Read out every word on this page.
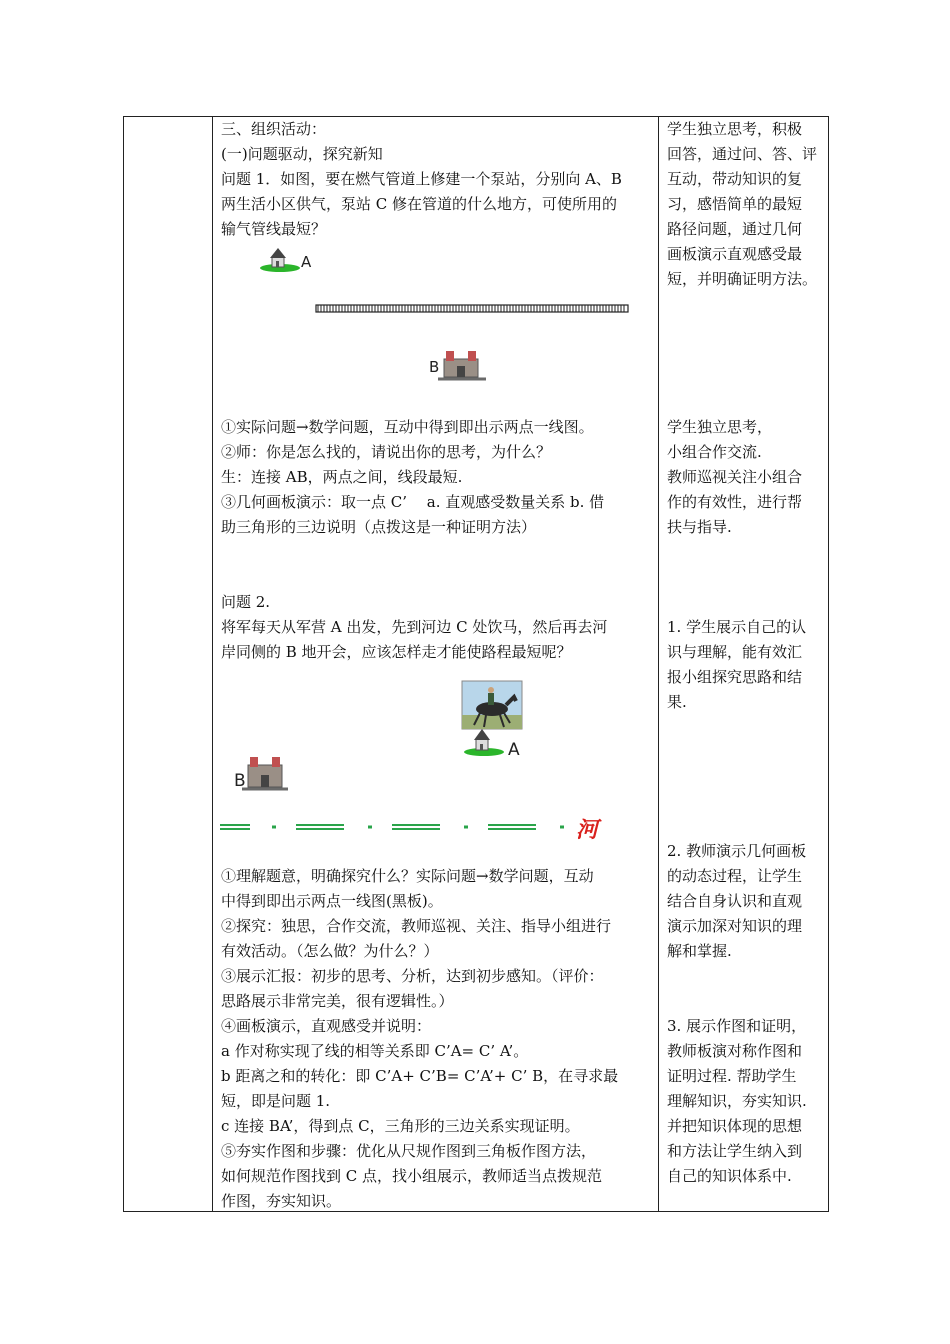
三、组织活动：
(一)问题驱动，探究新知
问题 1．如图，要在燃气管道上修建一个泵站，分别向 A、B
两生活小区供气，泵站 C 修在管道的什么地方，可使所用的
输气管线最短？
A
B
①实际问题→数学问题，互动中得到即出示两点一线图。
②师：你是怎么找的，请说出你的思考，为什么？
生：连接 AB，两点之间，线段最短.
③几何画板演示：取一点 C’　 a. 直观感受数量关系 b. 借
助三角形的三边说明（点拨这是一种证明方法）
问题 2.
将军每天从军营 A 出发，先到河边 C 处饮马，然后再去河
岸同侧的 B 地开会，应该怎样走才能使路程最短呢？
A
B
河
①理解题意，明确探究什么？实际问题→数学问题，互动
中得到即出示两点一线图(黑板)。
②探究：独思，合作交流，教师巡视、关注、指导小组进行
有效活动。（怎么做？为什么？）
③展示汇报：初步的思考、分析，达到初步感知。（评价：
思路展示非常完美，很有逻辑性。）
④画板演示，直观感受并说明：
a 作对称实现了线的相等关系即 C’A= C’ A’。
b 距离之和的转化：即 C’A+ C’B= C’A’+ C’ B，在寻求最
短，即是问题 1.
c 连接 BA’，得到点 C，三角形的三边关系实现证明。
⑤夯实作图和步骤：优化从尺规作图到三角板作图方法，
如何规范作图找到 C 点，找小组展示，教师适当点拨规范
作图，夯实知识。
学生独立思考，积极
回答，通过问、答、评
互动，带动知识的复
习，感悟简单的最短
路径问题，通过几何
画板演示直观感受最
短，并明确证明方法。
学生独立思考，
小组合作交流.
教师巡视关注小组合
作的有效性，进行帮
扶与指导.
1. 学生展示自己的认
识与理解，能有效汇
报小组探究思路和结
果.
2. 教师演示几何画板
的动态过程，让学生
结合自身认识和直观
演示加深对知识的理
解和掌握.
3. 展示作图和证明，
教师板演对称作图和
证明过程. 帮助学生
理解知识，夯实知识.
并把知识体现的思想
和方法让学生纳入到
自己的知识体系中.
